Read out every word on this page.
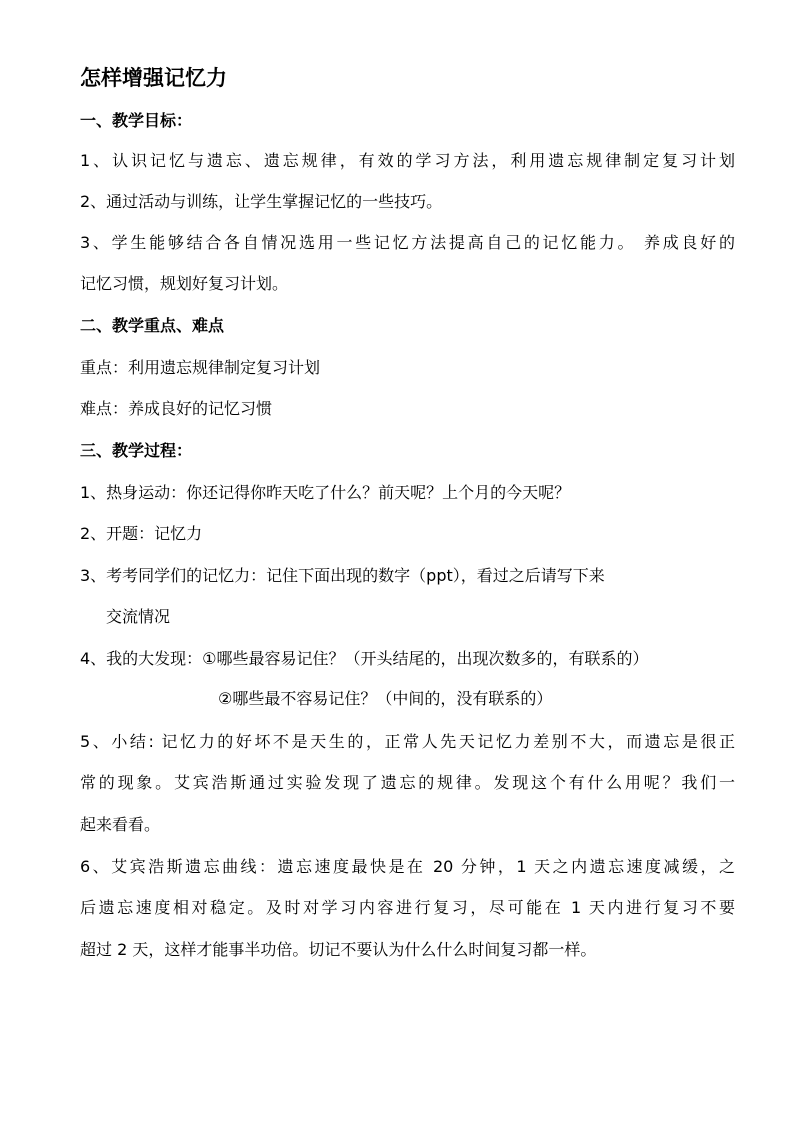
怎样增强记忆力
一、教学目标：
1、认识记忆与遗忘、遗忘规律，有效的学习方法，利用遗忘规律制定复习计划
2、通过活动与训练，让学生掌握记忆的一些技巧。
3、学生能够结合各自情况选用一些记忆方法提高自己的记忆能力。 养成良好的
记忆习惯，规划好复习计划。
二、教学重点、难点
重点：利用遗忘规律制定复习计划
难点：养成良好的记忆习惯
三、教学过程：
1、热身运动：你还记得你昨天吃了什么？前天呢？上个月的今天呢？
2、开题：记忆力
3、考考同学们的记忆力：记住下面出现的数字（ppt），看过之后请写下来
交流情况
4、我的大发现：①哪些最容易记住？（开头结尾的，出现次数多的，有联系的）
②哪些最不容易记住？（中间的，没有联系的）
5、小结: 记忆力的好坏不是天生的，正常人先天记忆力差别不大，而遗忘是很正
常的现象。艾宾浩斯通过实验发现了遗忘的规律。发现这个有什么用呢？我们一
起来看看。
6、艾宾浩斯遗忘曲线：遗忘速度最快是在 20 分钟，1 天之内遗忘速度减缓，之
后遗忘速度相对稳定。及时对学习内容进行复习，尽可能在 1 天内进行复习不要
超过 2 天，这样才能事半功倍。切记不要认为什么什么时间复习都一样。
